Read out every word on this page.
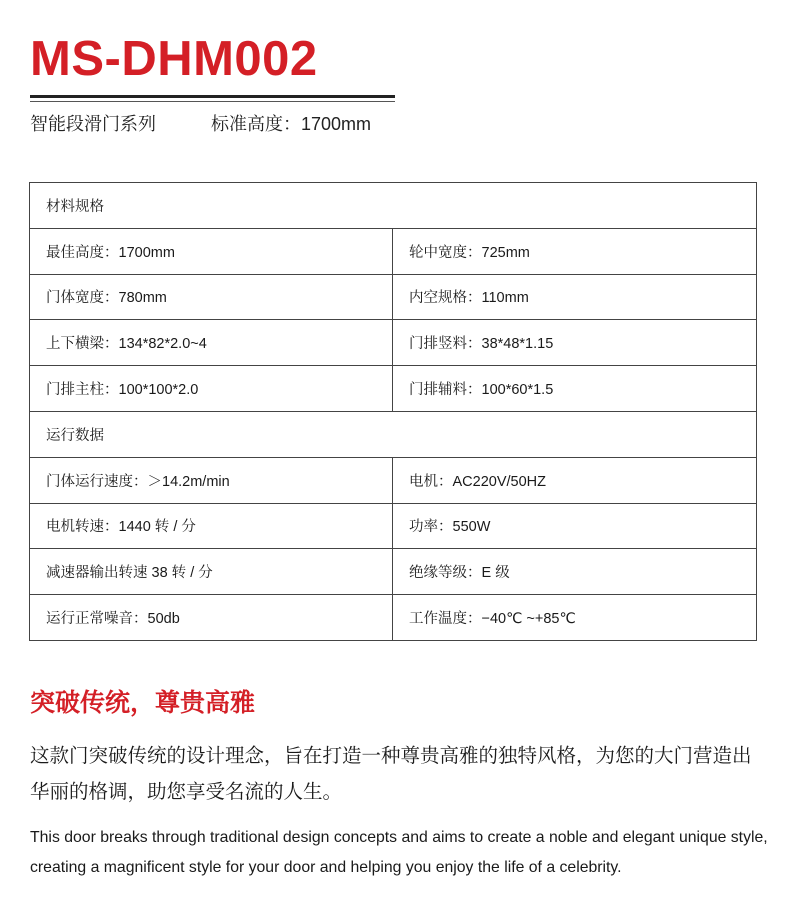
MS-DHM002
智能段滑门系列	标准高度：1700mm
材料规格	
最佳高度：1700mm	轮中宽度：725mm
门体宽度：780mm	内空规格：110mm
上下横梁：134*82*2.0~4	门排竖料：38*48*1.15
门排主柱：100*100*2.0	门排辅料：100*60*1.5
运行数据	
门体运行速度：＞14.2m/min	电机：AC220V/50HZ
电机转速：1440 转 / 分	功率：550W
减速器输出转速 38 转 / 分	绝缘等级：E 级
运行正常噪音：50db	工作温度：−40℃ ~+85℃
突破传统，尊贵高雅

这款门突破传统的设计理念，旨在打造一种尊贵高雅的独特风格，为您的大门营造出华丽的格调，助您享受名流的人生。

This door breaks through traditional design concepts and aims to create a noble and elegant unique style, creating a magnificent style for your door and helping you enjoy the life of a celebrity.
